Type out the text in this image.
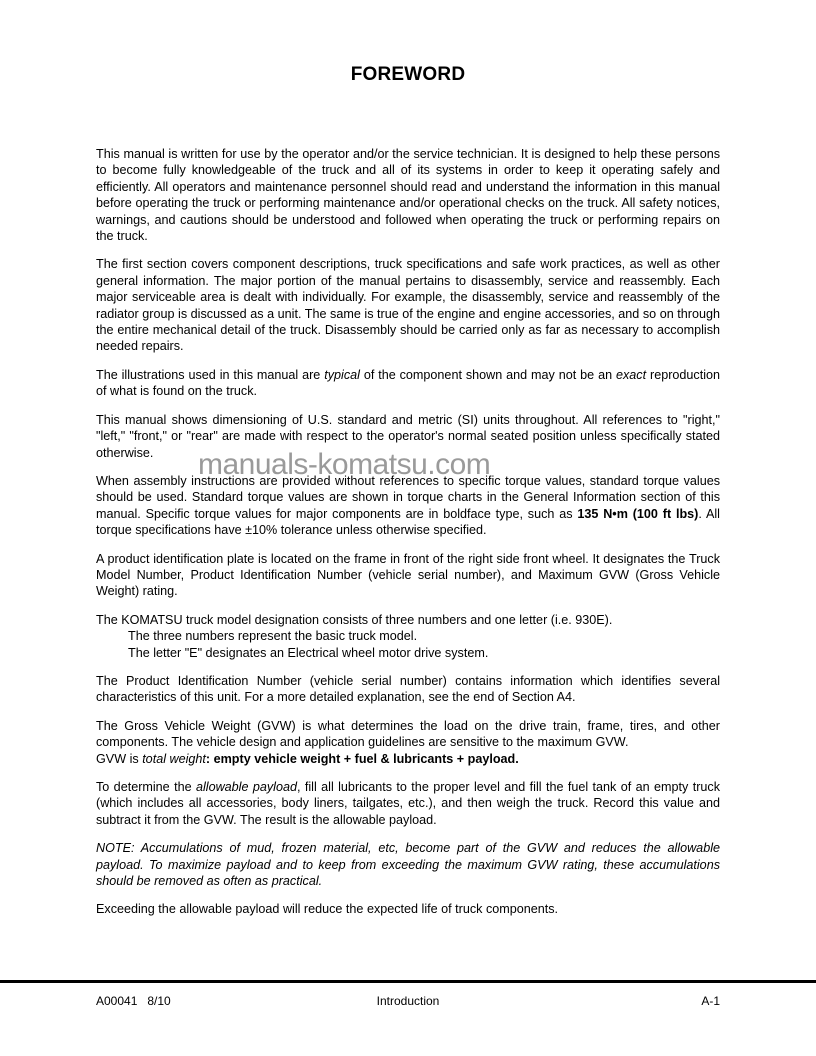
FOREWORD

This manual is written for use by the operator and/or the service technician. It is designed to help these persons to become fully knowledgeable of the truck and all of its systems in order to keep it operating safely and efficiently. All operators and maintenance personnel should read and understand the information in this manual before operating the truck or performing maintenance and/or operational checks on the truck. All safety notices, warnings, and cautions should be understood and followed when operating the truck or performing repairs on the truck.

The first section covers component descriptions, truck specifications and safe work practices, as well as other general information. The major portion of the manual pertains to disassembly, service and reassembly. Each major serviceable area is dealt with individually. For example, the disassembly, service and reassembly of the radiator group is discussed as a unit. The same is true of the engine and engine accessories, and so on through the entire mechanical detail of the truck. Disassembly should be carried only as far as necessary to accomplish needed repairs.

The illustrations used in this manual are typical of the component shown and may not be an exact reproduction of what is found on the truck.

This manual shows dimensioning of U.S. standard and metric (SI) units throughout. All references to "right," "left," "front," or "rear" are made with respect to the operator's normal seated position unless specifically stated otherwise.

When assembly instructions are provided without references to specific torque values, standard torque values should be used. Standard torque values are shown in torque charts in the General Information section of this manual. Specific torque values for major components are in boldface type, such as 135 N•m (100 ft lbs). All torque specifications have ±10% tolerance unless otherwise specified.

A product identification plate is located on the frame in front of the right side front wheel. It designates the Truck Model Number, Product Identification Number (vehicle serial number), and Maximum GVW (Gross Vehicle Weight) rating.

The KOMATSU truck model designation consists of three numbers and one letter (i.e. 930E).

The three numbers represent the basic truck model.

The letter "E" designates an Electrical wheel motor drive system.

The Product Identification Number (vehicle serial number) contains information which identifies several characteristics of this unit. For a more detailed explanation, see the end of Section A4.

The Gross Vehicle Weight (GVW) is what determines the load on the drive train, frame, tires, and other components. The vehicle design and application guidelines are sensitive to the maximum GVW.

GVW is total weight: empty vehicle weight + fuel & lubricants + payload.

To determine the allowable payload, fill all lubricants to the proper level and fill the fuel tank of an empty truck (which includes all accessories, body liners, tailgates, etc.), and then weigh the truck. Record this value and subtract it from the GVW. The result is the allowable payload.

NOTE: Accumulations of mud, frozen material, etc, become part of the GVW and reduces the allowable payload. To maximize payload and to keep from exceeding the maximum GVW rating, these accumulations should be removed as often as practical.

Exceeding the allowable payload will reduce the expected life of truck components.

manuals-komatsu.com
A00041   8/10	Introduction	A-1
